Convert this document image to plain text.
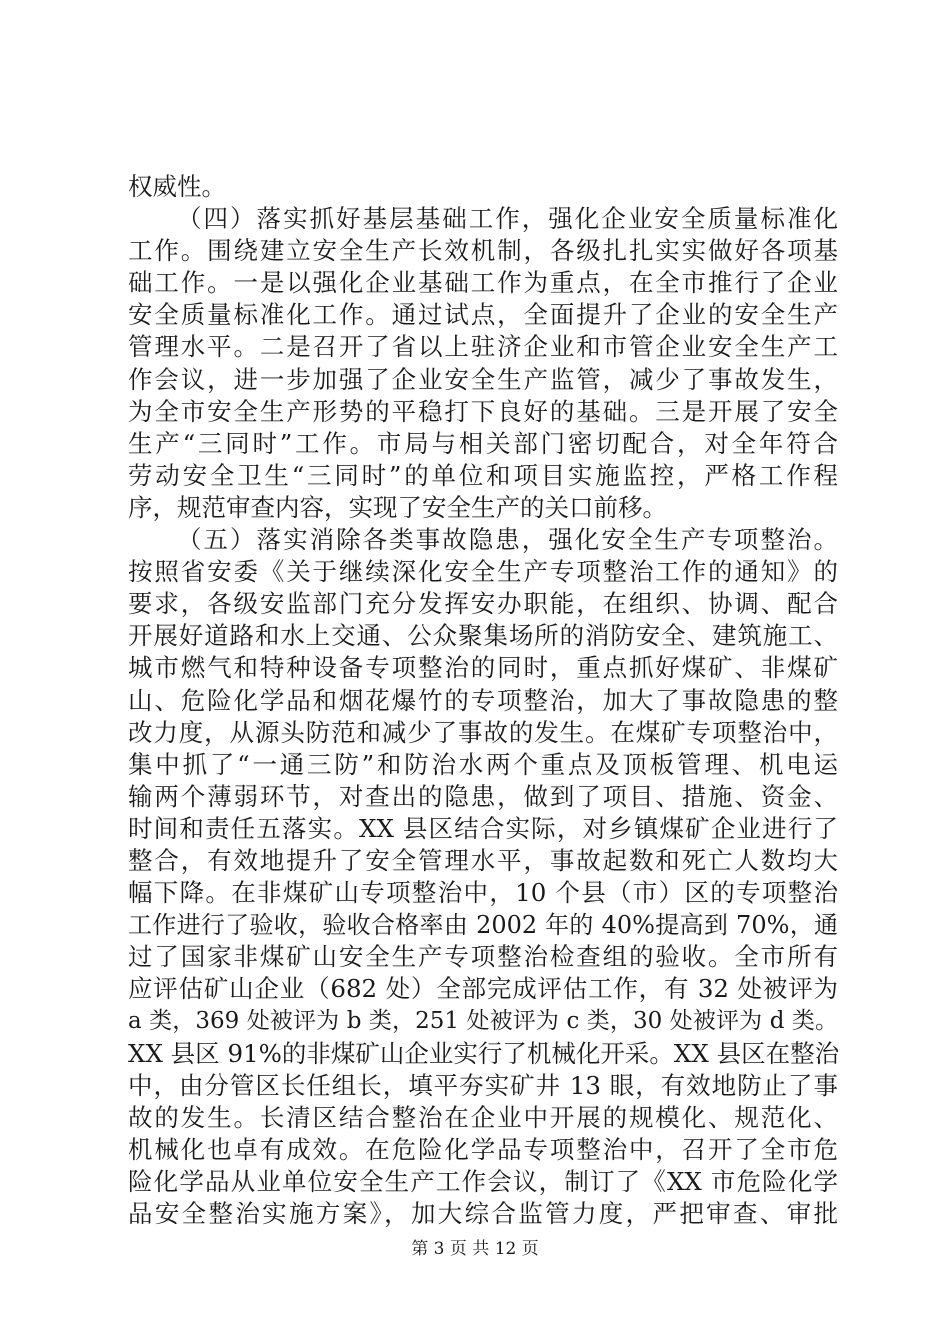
权威性。
（四）落实抓好基层基础工作，强化企业安全质量标准化
工作。围绕建立安全生产长效机制，各级扎扎实实做好各项基
础工作。一是以强化企业基础工作为重点，在全市推行了企业
安全质量标准化工作。通过试点，全面提升了企业的安全生产
管理水平。二是召开了省以上驻济企业和市管企业安全生产工
作会议，进一步加强了企业安全生产监管，减少了事故发生，
为全市安全生产形势的平稳打下良好的基础。三是开展了安全
生产“三同时”工作。市局与相关部门密切配合，对全年符合
劳动安全卫生“三同时”的单位和项目实施监控，严格工作程
序，规范审查内容，实现了安全生产的关口前移。
（五）落实消除各类事故隐患，强化安全生产专项整治。
按照省安委《关于继续深化安全生产专项整治工作的通知》的
要求，各级安监部门充分发挥安办职能，在组织、协调、配合
开展好道路和水上交通、公众聚集场所的消防安全、建筑施工、
城市燃气和特种设备专项整治的同时，重点抓好煤矿、非煤矿
山、危险化学品和烟花爆竹的专项整治，加大了事故隐患的整
改力度，从源头防范和减少了事故的发生。在煤矿专项整治中，
集中抓了“一通三防”和防治水两个重点及顶板管理、机电运
输两个薄弱环节，对查出的隐患，做到了项目、措施、资金、
时间和责任五落实。XX 县区结合实际，对乡镇煤矿企业进行了
整合，有效地提升了安全管理水平，事故起数和死亡人数均大
幅下降。在非煤矿山专项整治中，10 个县（市）区的专项整治
工作进行了验收，验收合格率由 2002 年的 40%提高到 70%，通
过了国家非煤矿山安全生产专项整治检查组的验收。全市所有
应评估矿山企业（682 处）全部完成评估工作，有 32 处被评为
a 类，369 处被评为 b 类，251 处被评为 c 类，30 处被评为 d 类。
XX 县区 91%的非煤矿山企业实行了机械化开采。XX 县区在整治
中，由分管区长任组长，填平夯实矿井 13 眼，有效地防止了事
故的发生。长清区结合整治在企业中开展的规模化、规范化、
机械化也卓有成效。在危险化学品专项整治中，召开了全市危
险化学品从业单位安全生产工作会议，制订了《XX 市危险化学
品安全整治实施方案》，加大综合监管力度，严把审查、审批
第 3 页 共 12 页
